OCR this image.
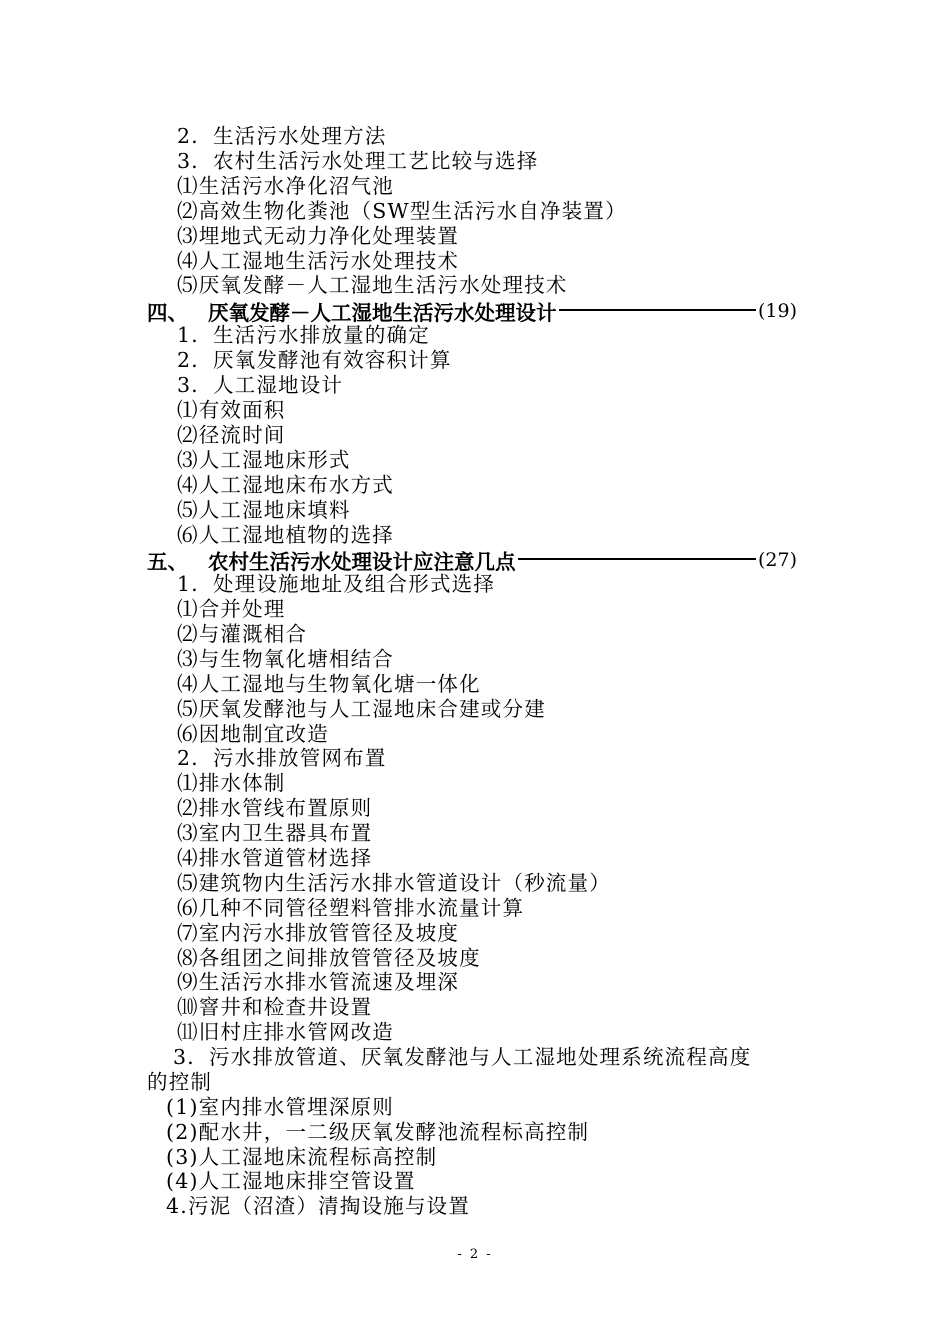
2．生活污水处理方法
3．农村生活污水处理工艺比较与选择
⑴生活污水净化沼气池
⑵高效生物化粪池（SW型生活污水自净装置）
⑶埋地式无动力净化处理装置
⑷人工湿地生活污水处理技术
⑸厌氧发酵－人工湿地生活污水处理技术
四、 厌氧发酵－人工湿地生活污水处理设计	(19)
1．生活污水排放量的确定
2．厌氧发酵池有效容积计算
3．人工湿地设计
⑴有效面积
⑵径流时间
⑶人工湿地床形式
⑷人工湿地床布水方式
⑸人工湿地床填料
⑹人工湿地植物的选择
五、 农村生活污水处理设计应注意几点	(27)
1．处理设施地址及组合形式选择
⑴合并处理
⑵与灌溉相合
⑶与生物氧化塘相结合
⑷人工湿地与生物氧化塘一体化
⑸厌氧发酵池与人工湿地床合建或分建
⑹因地制宜改造
2．污水排放管网布置
⑴排水体制
⑵排水管线布置原则
⑶室内卫生器具布置
⑷排水管道管材选择
⑸建筑物内生活污水排水管道设计（秒流量）
⑹几种不同管径塑料管排水流量计算
⑺室内污水排放管管径及坡度
⑻各组团之间排放管管径及坡度
⑼生活污水排水管流速及埋深
⑽窨井和检查井设置
⑾旧村庄排水管网改造
3．污水排放管道、厌氧发酵池与人工湿地处理系统流程高度
的控制
(1)室内排水管埋深原则
(2)配水井，一二级厌氧发酵池流程标高控制
(3)人工湿地床流程标高控制
(4)人工湿地床排空管设置
4.污泥（沼渣）清掏设施与设置
- 2 -
